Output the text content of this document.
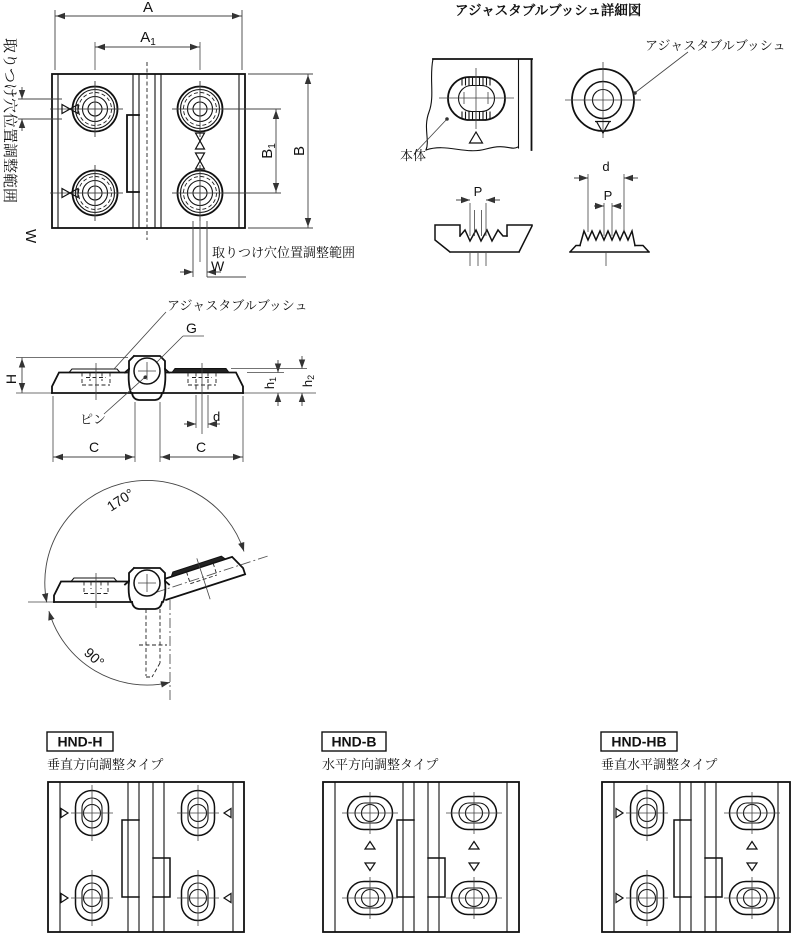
A
$A_1$
B
$B_1$
取りつけ穴位置調整範囲
W
取りつけ穴位置調整範囲
W
アジャスタブルブッシュ詳細図
本体
アジャスタブルブッシュ
P
d
P
アジャスタブルブッシュ
G
ピン
H
h1
h2
d
C	C
170°
90°
HND-H
垂直方向調整タイプ
HND-B
水平方向調整タイプ
HND-HB
垂直水平調整タイプ
